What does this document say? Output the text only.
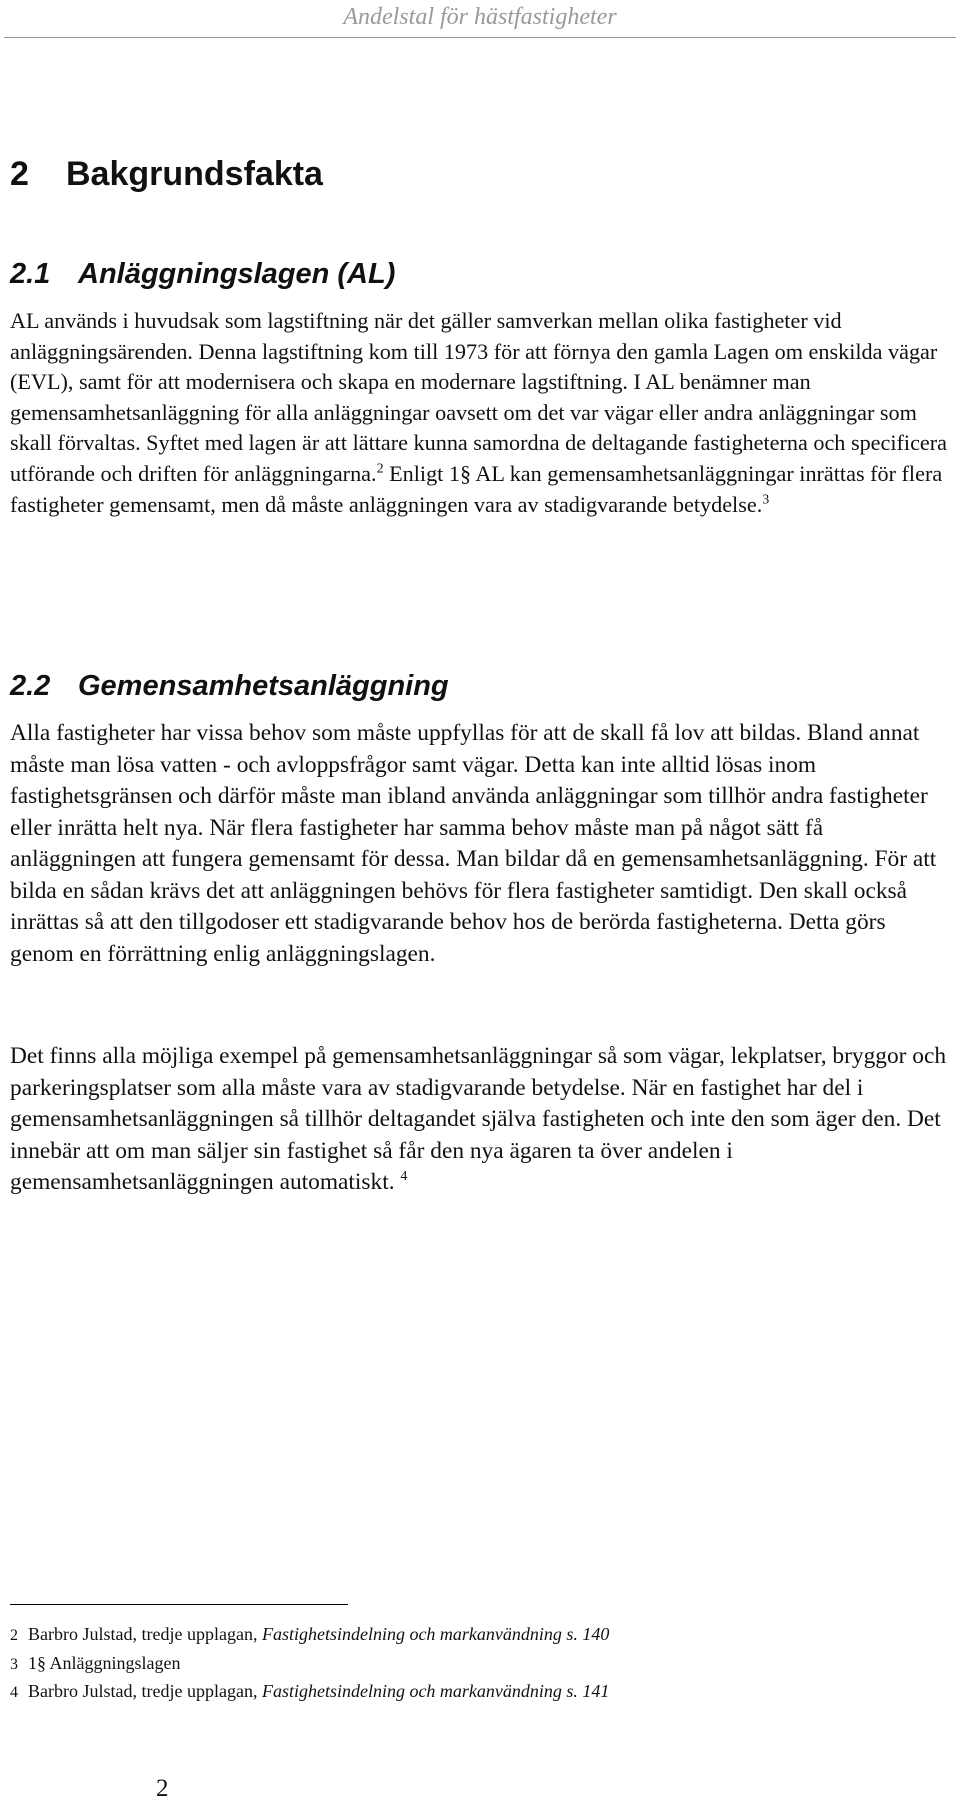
Andelstal för hästfastigheter
2 Bakgrundsfakta
2.1 Anläggningslagen (AL)

AL används i huvudsak som lagstiftning när det gäller samverkan mellan olika fastigheter vid anläggningsärenden. Denna lagstiftning kom till 1973 för att förnya den gamla Lagen om enskilda vägar (EVL), samt för att modernisera och skapa en modernare lagstiftning. I AL benämner man gemensamhetsanläggning för alla anläggningar oavsett om det var vägar eller andra anläggningar som skall förvaltas. Syftet med lagen är att lättare kunna samordna de deltagande fastigheterna och specificera utförande och driften för anläggningarna.$^2$ Enligt 1§ AL kan gemensamhetsanläggningar inrättas för flera fastigheter gemensamt, men då måste anläggningen vara av stadigvarande betydelse.$^3$

2.2 Gemensamhetsanläggning

Alla fastigheter har vissa behov som måste uppfyllas för att de skall få lov att bildas. Bland annat måste man lösa vatten - och avloppsfrågor samt vägar. Detta kan inte alltid lösas inom fastighetsgränsen och därför måste man ibland använda anläggningar som tillhör andra fastigheter eller inrätta helt nya. När flera fastigheter har samma behov måste man på något sätt få anläggningen att fungera gemensamt för dessa. Man bildar då en gemensamhetsanläggning. För att bilda en sådan krävs det att anläggningen behövs för flera fastigheter samtidigt. Den skall också inrättas så att den tillgodoser ett stadigvarande behov hos de berörda fastigheterna. Detta görs genom en förrättning enlig anläggningslagen.

Det finns alla möjliga exempel på gemensamhetsanläggningar så som vägar, lekplatser, bryggor och parkeringsplatser som alla måste vara av stadigvarande betydelse. När en fastighet har del i gemensamhetsanläggningen så tillhör deltagandet själva fastigheten och inte den som äger den. Det innebär att om man säljer sin fastighet så får den nya ägaren ta över andelen i gemensamhetsanläggningen automatiskt. $^4$

2 Barbro Julstad, tredje upplagan, Fastighetsindelning och markanvändning s. 140
3 1§ Anläggningslagen
4 Barbro Julstad, tredje upplagan, Fastighetsindelning och markanvändning s. 141
2
